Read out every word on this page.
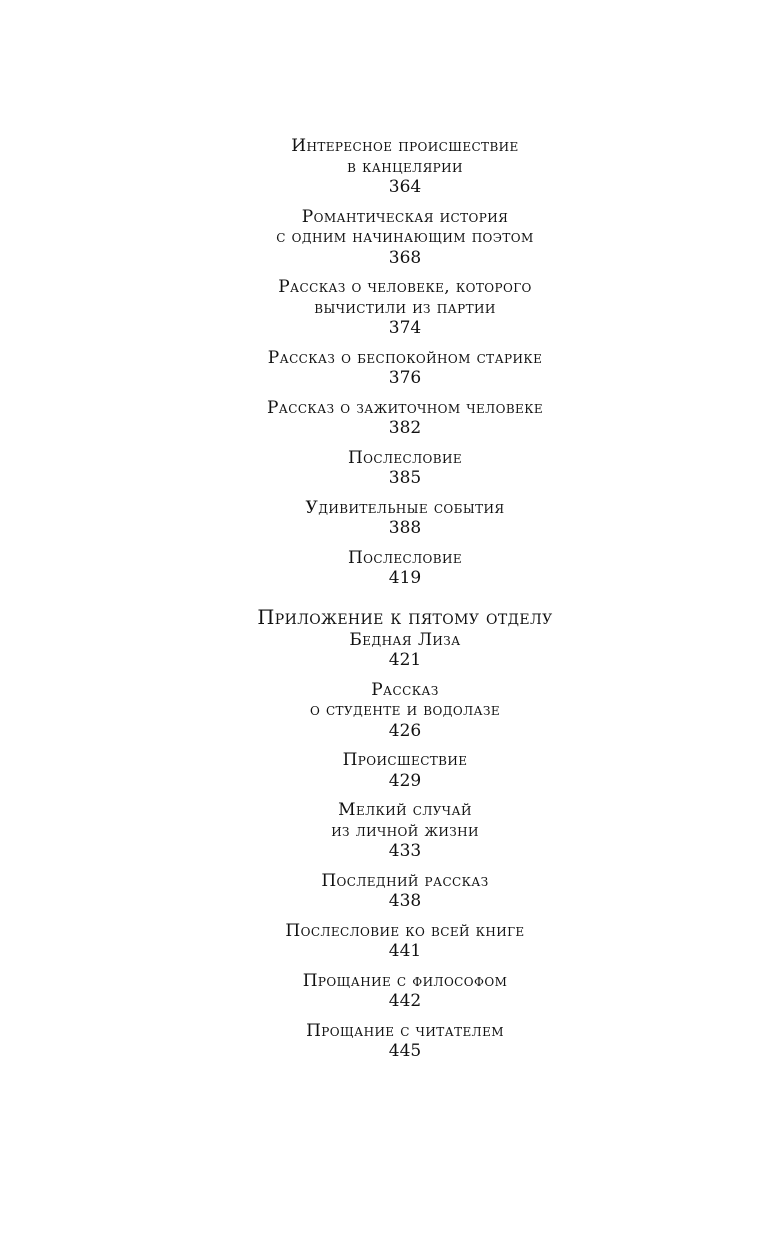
Интересное происшествие
в канцелярии
364
Романтическая история
с одним начинающим поэтом
368
Рассказ о человеке, которого
вычистили из партии
374
Рассказ о беспокойном старике
376
Рассказ о зажиточном человеке
382
Послесловие
385
Удивительные события
388
Послесловие
419
Приложение к пятому отделу
Бедная Лиза
421
Рассказ
о студенте и водолазе
426
Происшествие
429
Мелкий случай
из личной жизни
433
Последний рассказ
438
Послесловие ко всей книге
441
Прощание с философом
442
Прощание с читателем
445
